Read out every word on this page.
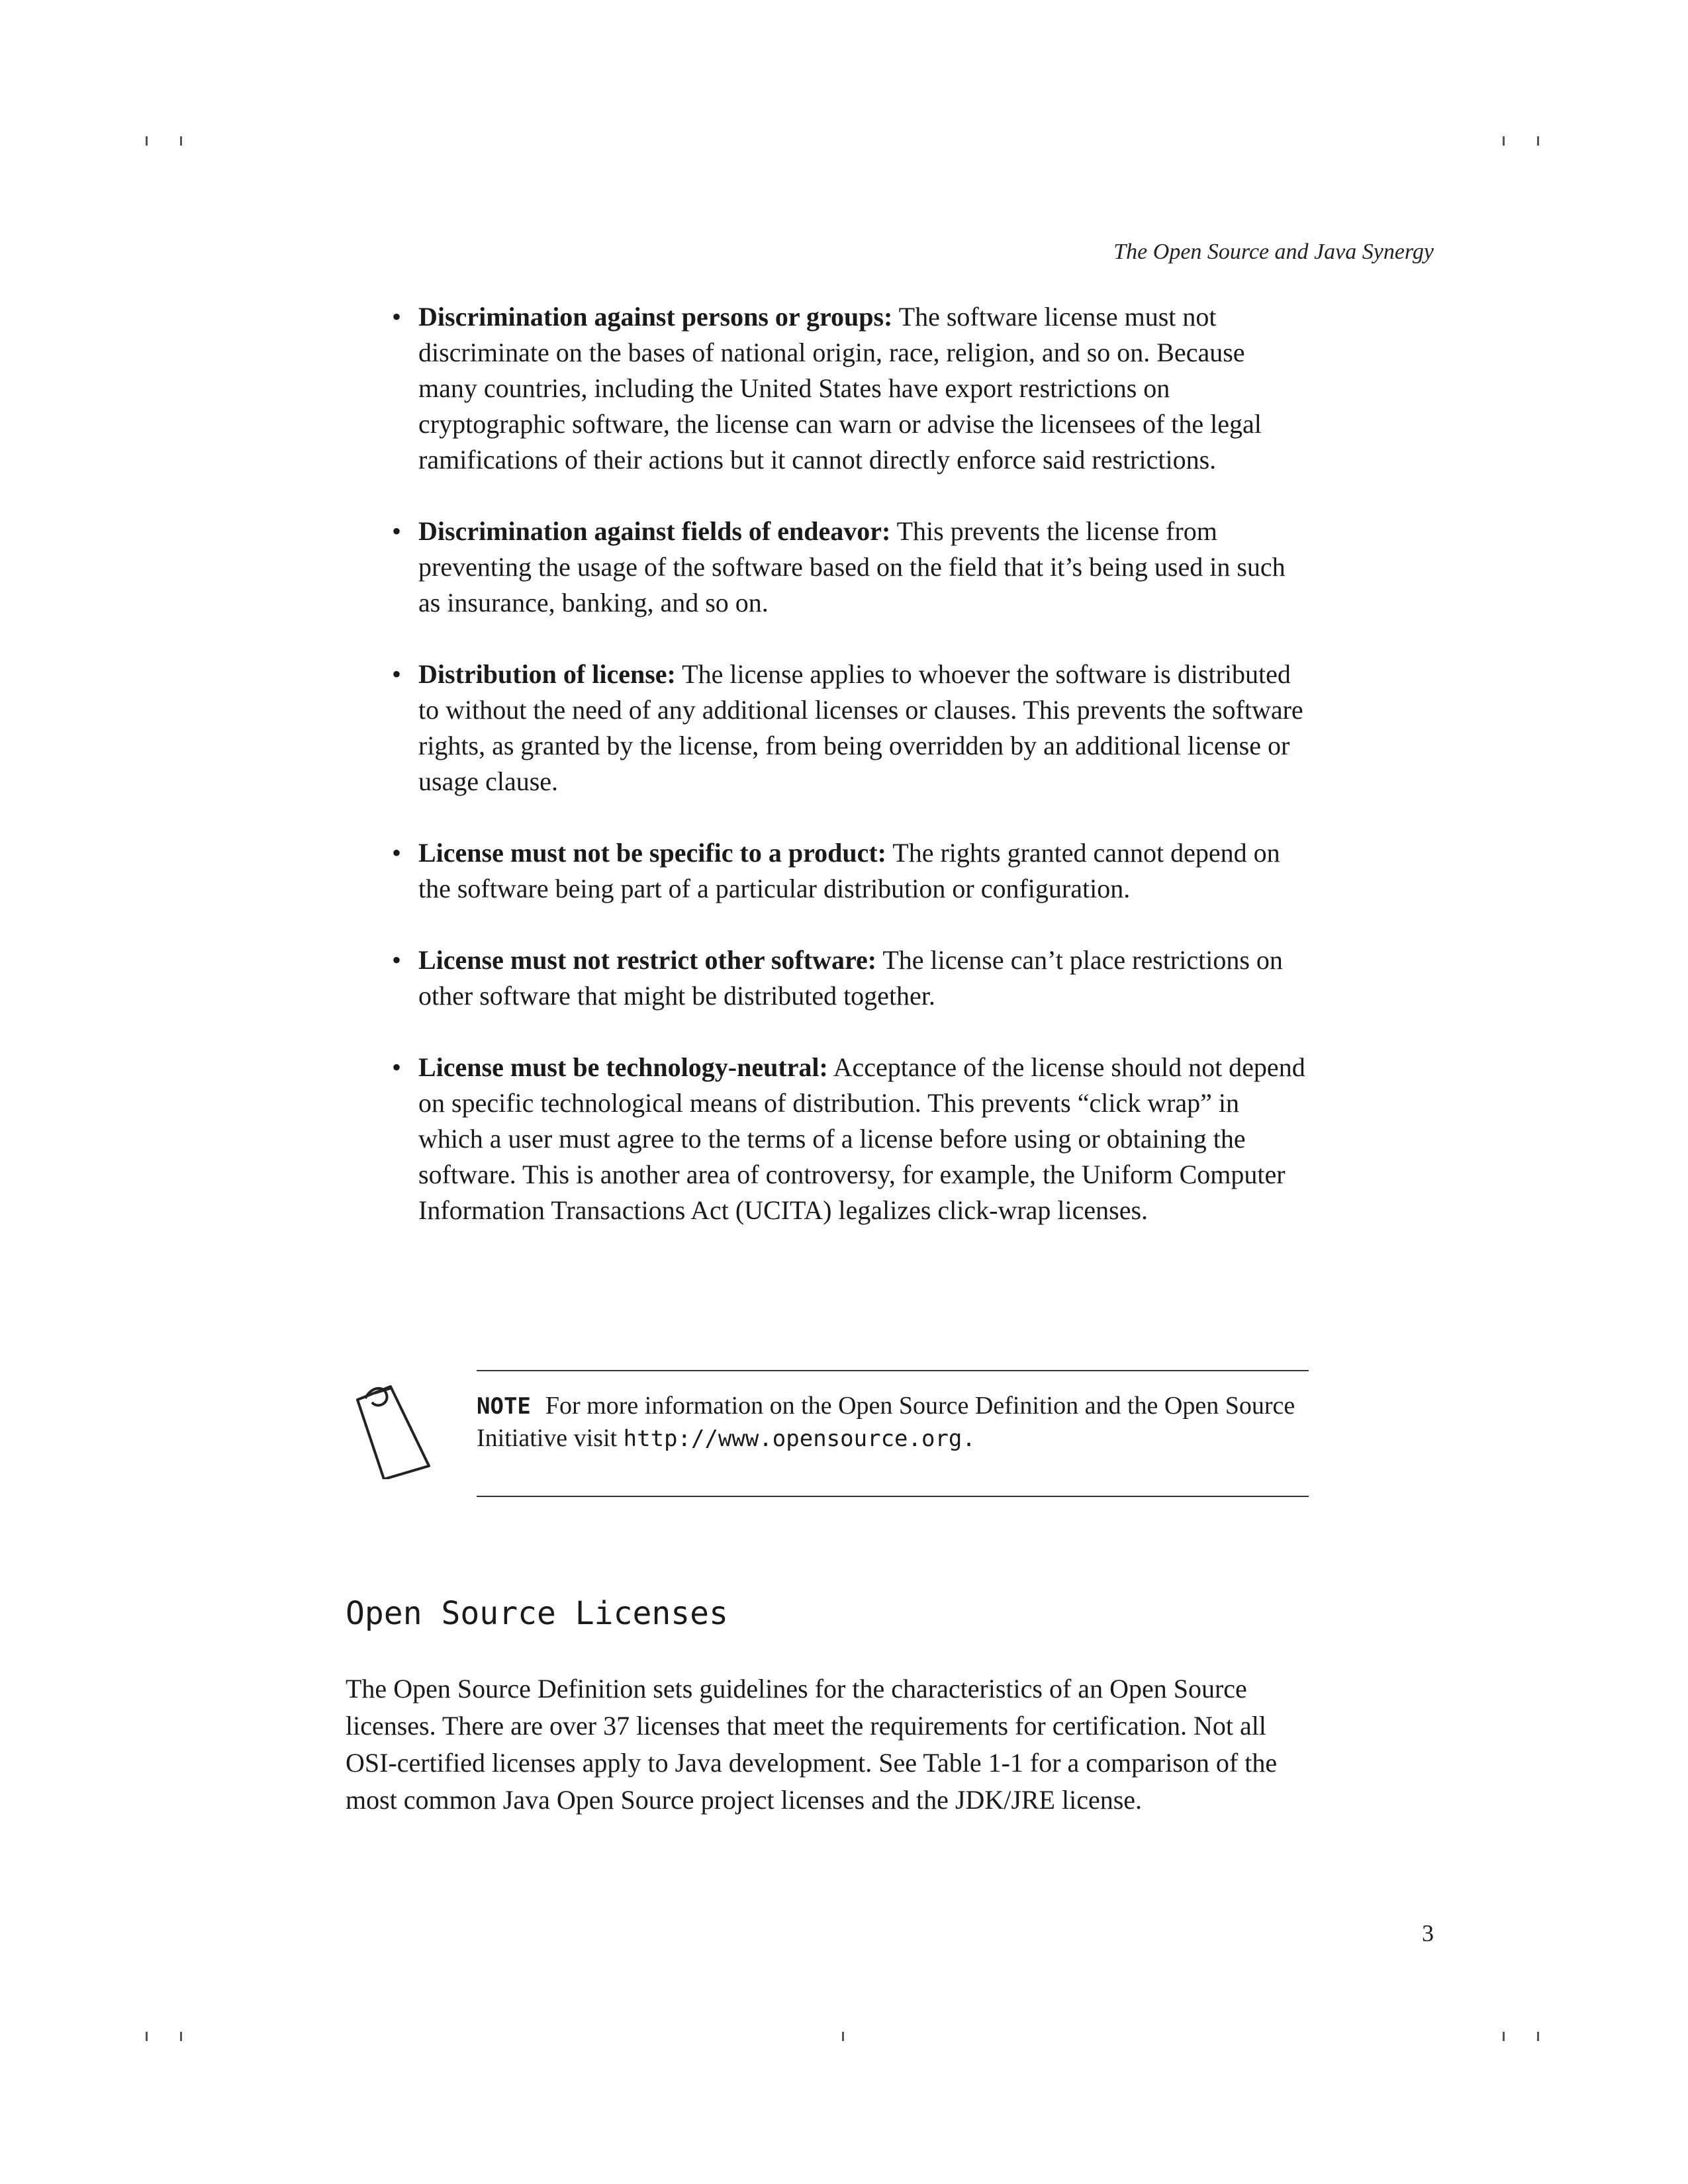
The Open Source and Java Synergy
• Discrimination against persons or groups: The software license must not discriminate on the bases of national origin, race, religion, and so on. Because many countries, including the United States have export restrictions on cryptographic software, the license can warn or advise the licensees of the legal ramifications of their actions but it cannot directly enforce said restrictions.
• Discrimination against fields of endeavor: This prevents the license from preventing the usage of the software based on the field that it’s being used in such as insurance, banking, and so on.
• Distribution of license: The license applies to whoever the software is distributed to without the need of any additional licenses or clauses. This prevents the software rights, as granted by the license, from being overridden by an additional license or usage clause.
• License must not be specific to a product: The rights granted cannot depend on the software being part of a particular distribution or configuration.
• License must not restrict other software: The license can’t place restrictions on other software that might be distributed together.
• License must be technology-neutral: Acceptance of the license should not depend on specific technological means of distribution. This prevents “click wrap” in which a user must agree to the terms of a license before using or obtaining the software. This is another area of controversy, for example, the Uniform Computer Information Transactions Act (UCITA) legalizes click-wrap licenses.
NOTE For more information on the Open Source Definition and the Open Source Initiative visit http://www.opensource.org.
Open Source Licenses

The Open Source Definition sets guidelines for the characteristics of an Open Source licenses. There are over 37 licenses that meet the requirements for certification. Not all OSI-certified licenses apply to Java development. See Table 1-1 for a comparison of the most common Java Open Source project licenses and the JDK/JRE license.

3
